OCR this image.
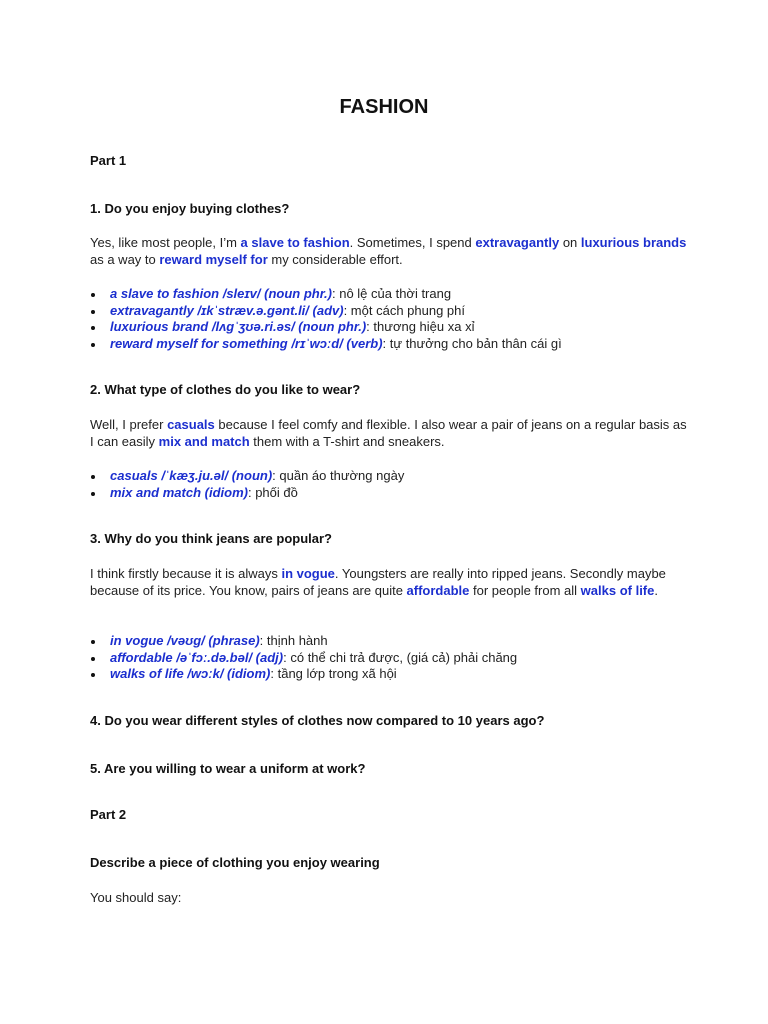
FASHION
Part 1
1. Do you enjoy buying clothes?
Yes, like most people, I’m a slave to fashion. Sometimes, I spend extravagantly on luxurious brands as a way to reward myself for my considerable effort.
a slave to fashion /sleɪv/ (noun phr.): nô lệ của thời trang
extravagantly /ɪkˈstræv.ə.ɡənt.li/ (adv): một cách phung phí
luxurious brand /lʌɡˈʒʊə.ri.əs/ (noun phr.): thương hiệu xa xỉ
reward myself for something /rɪˈwɔːd/ (verb): tự thưởng cho bản thân cái gì
2. What type of clothes do you like to wear?
Well, I prefer casuals because I feel comfy and flexible. I also wear a pair of jeans on a regular basis as I can easily mix and match them with a T-shirt and sneakers.
casuals /ˈkæʒ.ju.əl/ (noun): quần áo thường ngày
mix and match (idiom): phối đồ
3. Why do you think jeans are popular?
I think firstly because it is always in vogue. Youngsters are really into ripped jeans. Secondly maybe because of its price. You know, pairs of jeans are quite affordable for people from all walks of life.
in vogue /vəʊɡ/ (phrase): thịnh hành
affordable /əˈfɔː.də.bəl/ (adj): có thể chi trả được, (giá cả) phải chăng
walks of life /wɔːk/ (idiom): tầng lớp trong xã hội
4. Do you wear different styles of clothes now compared to 10 years ago?
5. Are you willing to wear a uniform at work?
Part 2
Describe a piece of clothing you enjoy wearing
You should say:
